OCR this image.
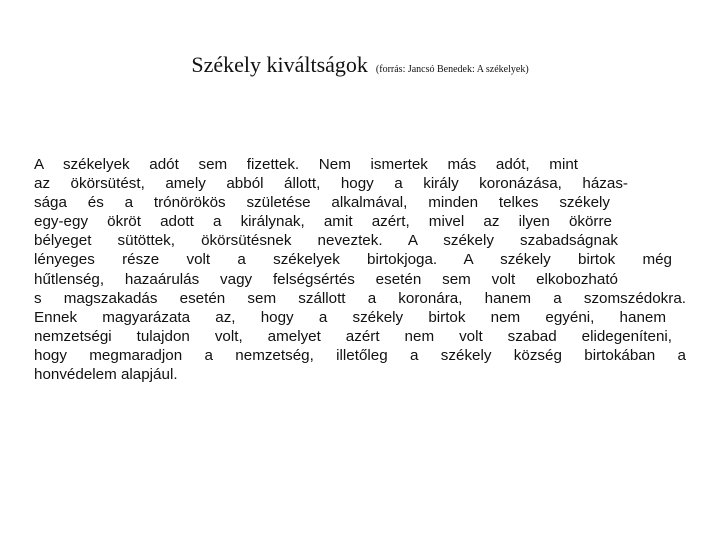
Székely kiváltságok (forrás: Jancsó Benedek: A székelyek)
A székelyek adót sem fizettek. Nem ismertek más adót, mint
az ökörsütést, amely abból állott, hogy a király koronázása, házas-
sága és a trónörökös születése alkalmával, minden telkes székely
egy-egy ökröt adott a királynak, amit azért, mivel az ilyen ökörre
bélyeget sütöttek, ökörsütésnek neveztek. A székely szabadságnak
lényeges része volt a székelyek birtokjoga. A székely birtok még
hűtlenség, hazaárulás vagy felségsértés esetén sem volt elkobozható
s magszakadás esetén sem szállott a koronára, hanem a szomszédokra.
Ennek magyarázata az, hogy a székely birtok nem egyéni, hanem
nemzetségi tulajdon volt, amelyet azért nem volt szabad elidegeníteni,
hogy megmaradjon a nemzetség, illetőleg a székely község birtokában a
honvédelem alapjául.
